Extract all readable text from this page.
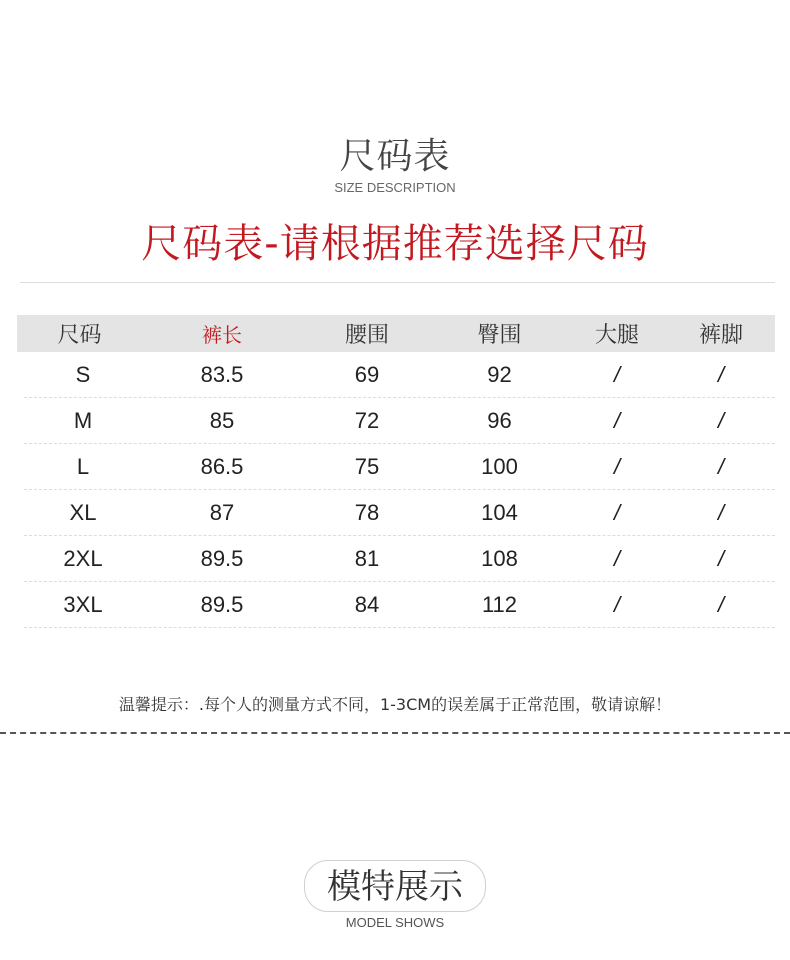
尺码表
SIZE DESCRIPTION
尺码表-请根据推荐选择尺码
尺码	裤长	腰围	臀围	大腿	裤脚
S	83.5	69	92	/	/
M	85	72	96	/	/
L	86.5	75	100	/	/
XL	87	78	104	/	/
2XL	89.5	81	108	/	/
3XL	89.5	84	112	/	/
温馨提示：.每个人的测量方式不同，1-3CM的误差属于正常范围，敬请谅解！
模特展示
MODEL SHOWS
